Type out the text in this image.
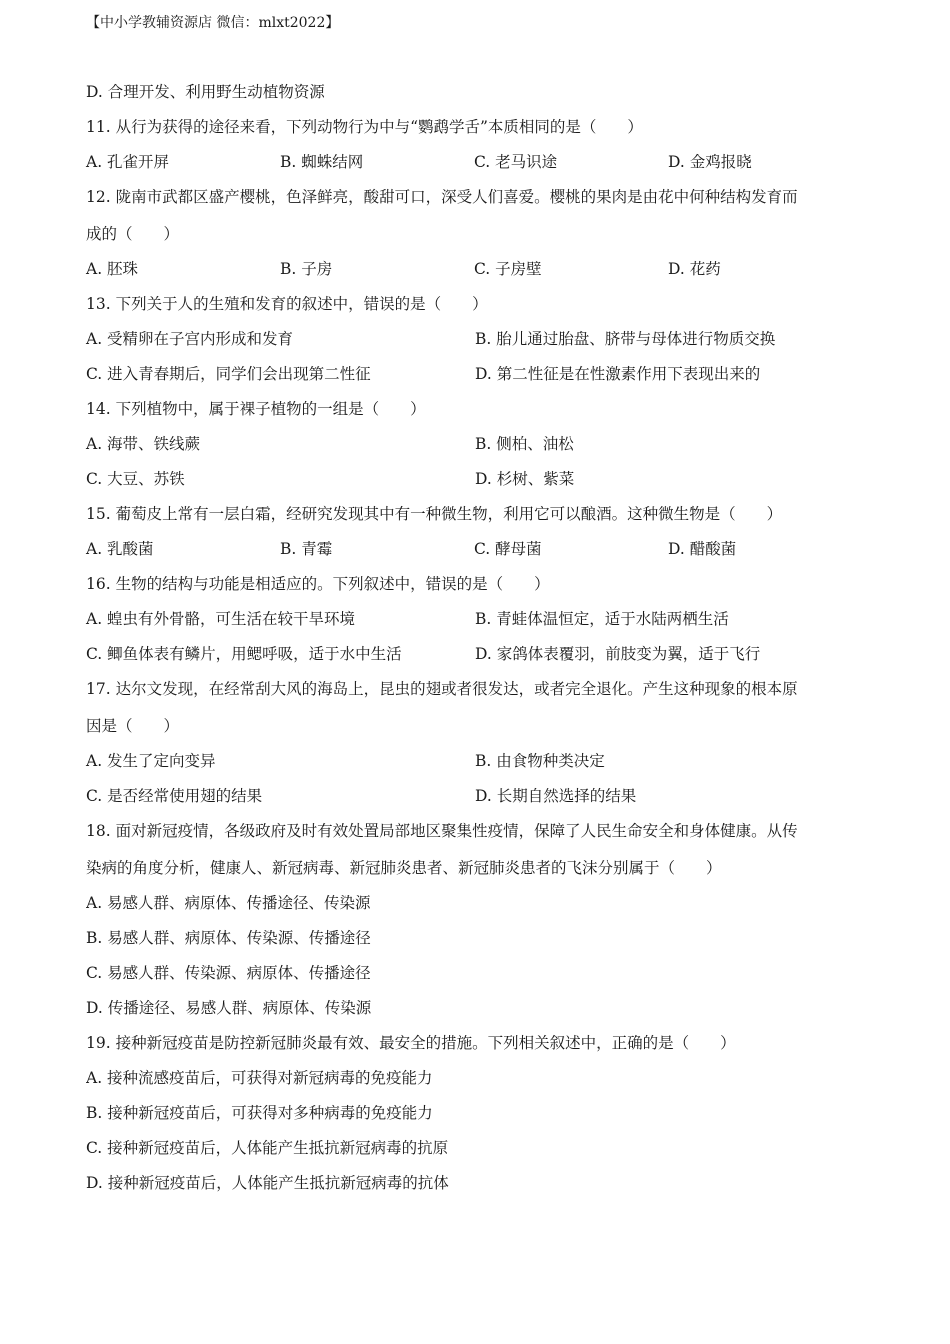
【中小学教辅资源店 微信：mlxt2022】
D. 合理开发、利用野生动植物资源
11. 从行为获得的途径来看，下列动物行为中与“鹦鹉学舌”本质相同的是（　　）
A. 孔雀开屏	B. 蜘蛛结网	C. 老马识途	D. 金鸡报晓
12. 陇南市武都区盛产樱桃，色泽鲜亮，酸甜可口，深受人们喜爱。樱桃的果肉是由花中何种结构发育而
成的（　　）
A. 胚珠	B. 子房	C. 子房壁	D. 花药
13. 下列关于人的生殖和发育的叙述中，错误的是（　　）
A. 受精卵在子宫内形成和发育	B. 胎儿通过胎盘、脐带与母体进行物质交换
C. 进入青春期后，同学们会出现第二性征	D. 第二性征是在性激素作用下表现出来的
14. 下列植物中，属于裸子植物的一组是（　　）
A. 海带、铁线蕨	B. 侧柏、油松
C. 大豆、苏铁	D. 杉树、紫菜
15. 葡萄皮上常有一层白霜，经研究发现其中有一种微生物，利用它可以酿酒。这种微生物是（　　）
A. 乳酸菌	B. 青霉	C. 酵母菌	D. 醋酸菌
16. 生物的结构与功能是相适应的。下列叙述中，错误的是（　　）
A. 蝗虫有外骨骼，可生活在较干旱环境	B. 青蛙体温恒定，适于水陆两栖生活
C. 鲫鱼体表有鳞片，用鳃呼吸，适于水中生活	D. 家鸽体表覆羽，前肢变为翼，适于飞行
17. 达尔文发现，在经常刮大风的海岛上，昆虫的翅或者很发达，或者完全退化。产生这种现象的根本原
因是（　　）
A. 发生了定向变异	B. 由食物种类决定
C. 是否经常使用翅的结果	D. 长期自然选择的结果
18. 面对新冠疫情，各级政府及时有效处置局部地区聚集性疫情，保障了人民生命安全和身体健康。从传
染病的角度分析，健康人、新冠病毒、新冠肺炎患者、新冠肺炎患者的飞沫分别属于（　　）
A. 易感人群、病原体、传播途径、传染源
B. 易感人群、病原体、传染源、传播途径
C. 易感人群、传染源、病原体、传播途径
D. 传播途径、易感人群、病原体、传染源
19. 接种新冠疫苗是防控新冠肺炎最有效、最安全的措施。下列相关叙述中，正确的是（　　）
A. 接种流感疫苗后，可获得对新冠病毒的免疫能力
B. 接种新冠疫苗后，可获得对多种病毒的免疫能力
C. 接种新冠疫苗后，人体能产生抵抗新冠病毒的抗原
D. 接种新冠疫苗后，人体能产生抵抗新冠病毒的抗体
